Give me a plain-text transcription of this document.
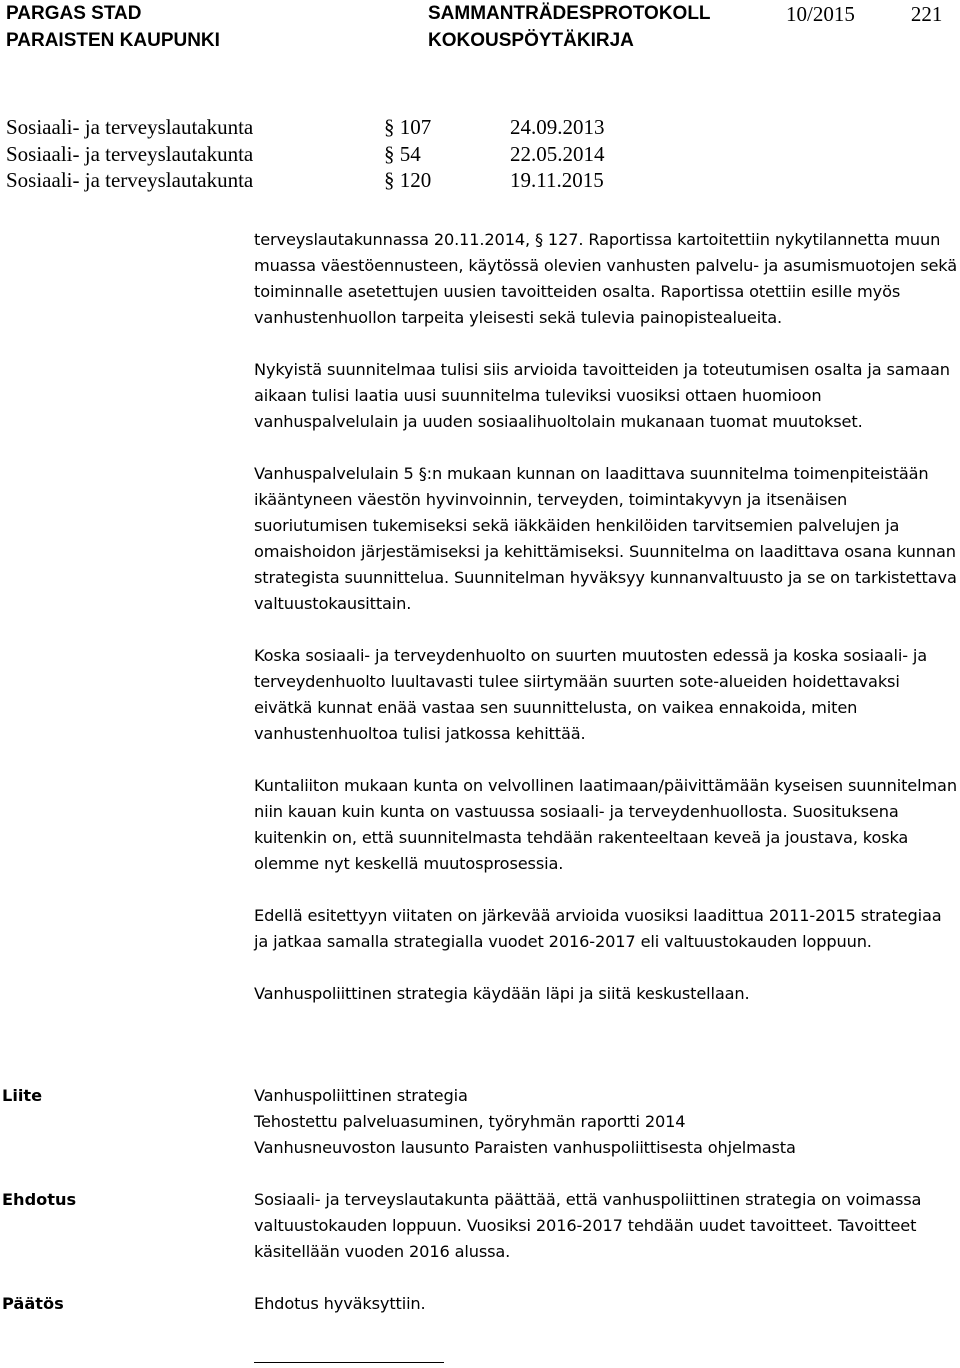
PARGAS STAD
PARAISTEN KAUPUNKI
SAMMANTRÄDESPROTOKOLL
KOKOUSPÖYTÄKIRJA
10/2015	221
Sosiaali- ja terveyslautakunta	§ 107	24.09.2013
Sosiaali- ja terveyslautakunta	§ 54	22.05.2014
Sosiaali- ja terveyslautakunta	§ 120	19.11.2015

terveyslautakunnassa 20.11.2014, § 127. Raportissa kartoitettiin nykytilannetta muun muassa väestöennusteen, käytössä olevien vanhusten palvelu- ja asumismuotojen sekä toiminnalle asetettujen uusien tavoitteiden osalta. Raportissa otettiin esille myös vanhustenhuollon tarpeita yleisesti sekä tulevia painopistealueita.

Nykyistä suunnitelmaa tulisi siis arvioida tavoitteiden ja toteutumisen osalta ja samaan aikaan tulisi laatia uusi suunnitelma tuleviksi vuosiksi ottaen huomioon vanhuspalvelulain ja uuden sosiaalihuoltolain mukanaan tuomat muutokset.

Vanhuspalvelulain 5 §:n mukaan kunnan on laadittava suunnitelma toimenpiteistään ikääntyneen väestön hyvinvoinnin, terveyden, toimintakyvyn ja itsenäisen suoriutumisen tukemiseksi sekä iäkkäiden henkilöiden tarvitsemien palvelujen ja omaishoidon järjestämiseksi ja kehittämiseksi. Suunnitelma on laadittava osana kunnan strategista suunnittelua. Suunnitelman hyväksyy kunnanvaltuusto ja se on tarkistettava valtuustokausittain.

Koska sosiaali- ja terveydenhuolto on suurten muutosten edessä ja koska sosiaali- ja terveydenhuolto luultavasti tulee siirtymään suurten sote-alueiden hoidettavaksi eivätkä kunnat enää vastaa sen suunnittelusta, on vaikea ennakoida, miten vanhustenhuoltoa tulisi jatkossa kehittää.

Kuntaliiton mukaan kunta on velvollinen laatimaan/päivittämään kyseisen suunnitelman niin kauan kuin kunta on vastuussa sosiaali- ja terveydenhuollosta. Suosituksena kuitenkin on, että suunnitelmasta tehdään rakenteeltaan keveä ja joustava, koska olemme nyt keskellä muutosprosessia.

Edellä esitettyyn viitaten on järkevää arvioida vuosiksi laadittua 2011-2015 strategiaa ja jatkaa samalla strategialla vuodet 2016-2017 eli valtuustokauden loppuun.

Vanhuspoliittinen strategia käydään läpi ja siitä keskustellaan.

Liite	Vanhuspoliittinen strategia
Tehostettu palveluasuminen, työryhmän raportti 2014
Vanhusneuvoston lausunto Paraisten vanhuspoliittisesta ohjelmasta
Ehdotus	Sosiaali- ja terveyslautakunta päättää, että vanhuspoliittinen strategia on voimassa valtuustokauden loppuun. Vuosiksi 2016-2017 tehdään uudet tavoitteet. Tavoitteet käsitellään vuoden 2016 alussa.
Päätös	Ehdotus hyväksyttiin.
